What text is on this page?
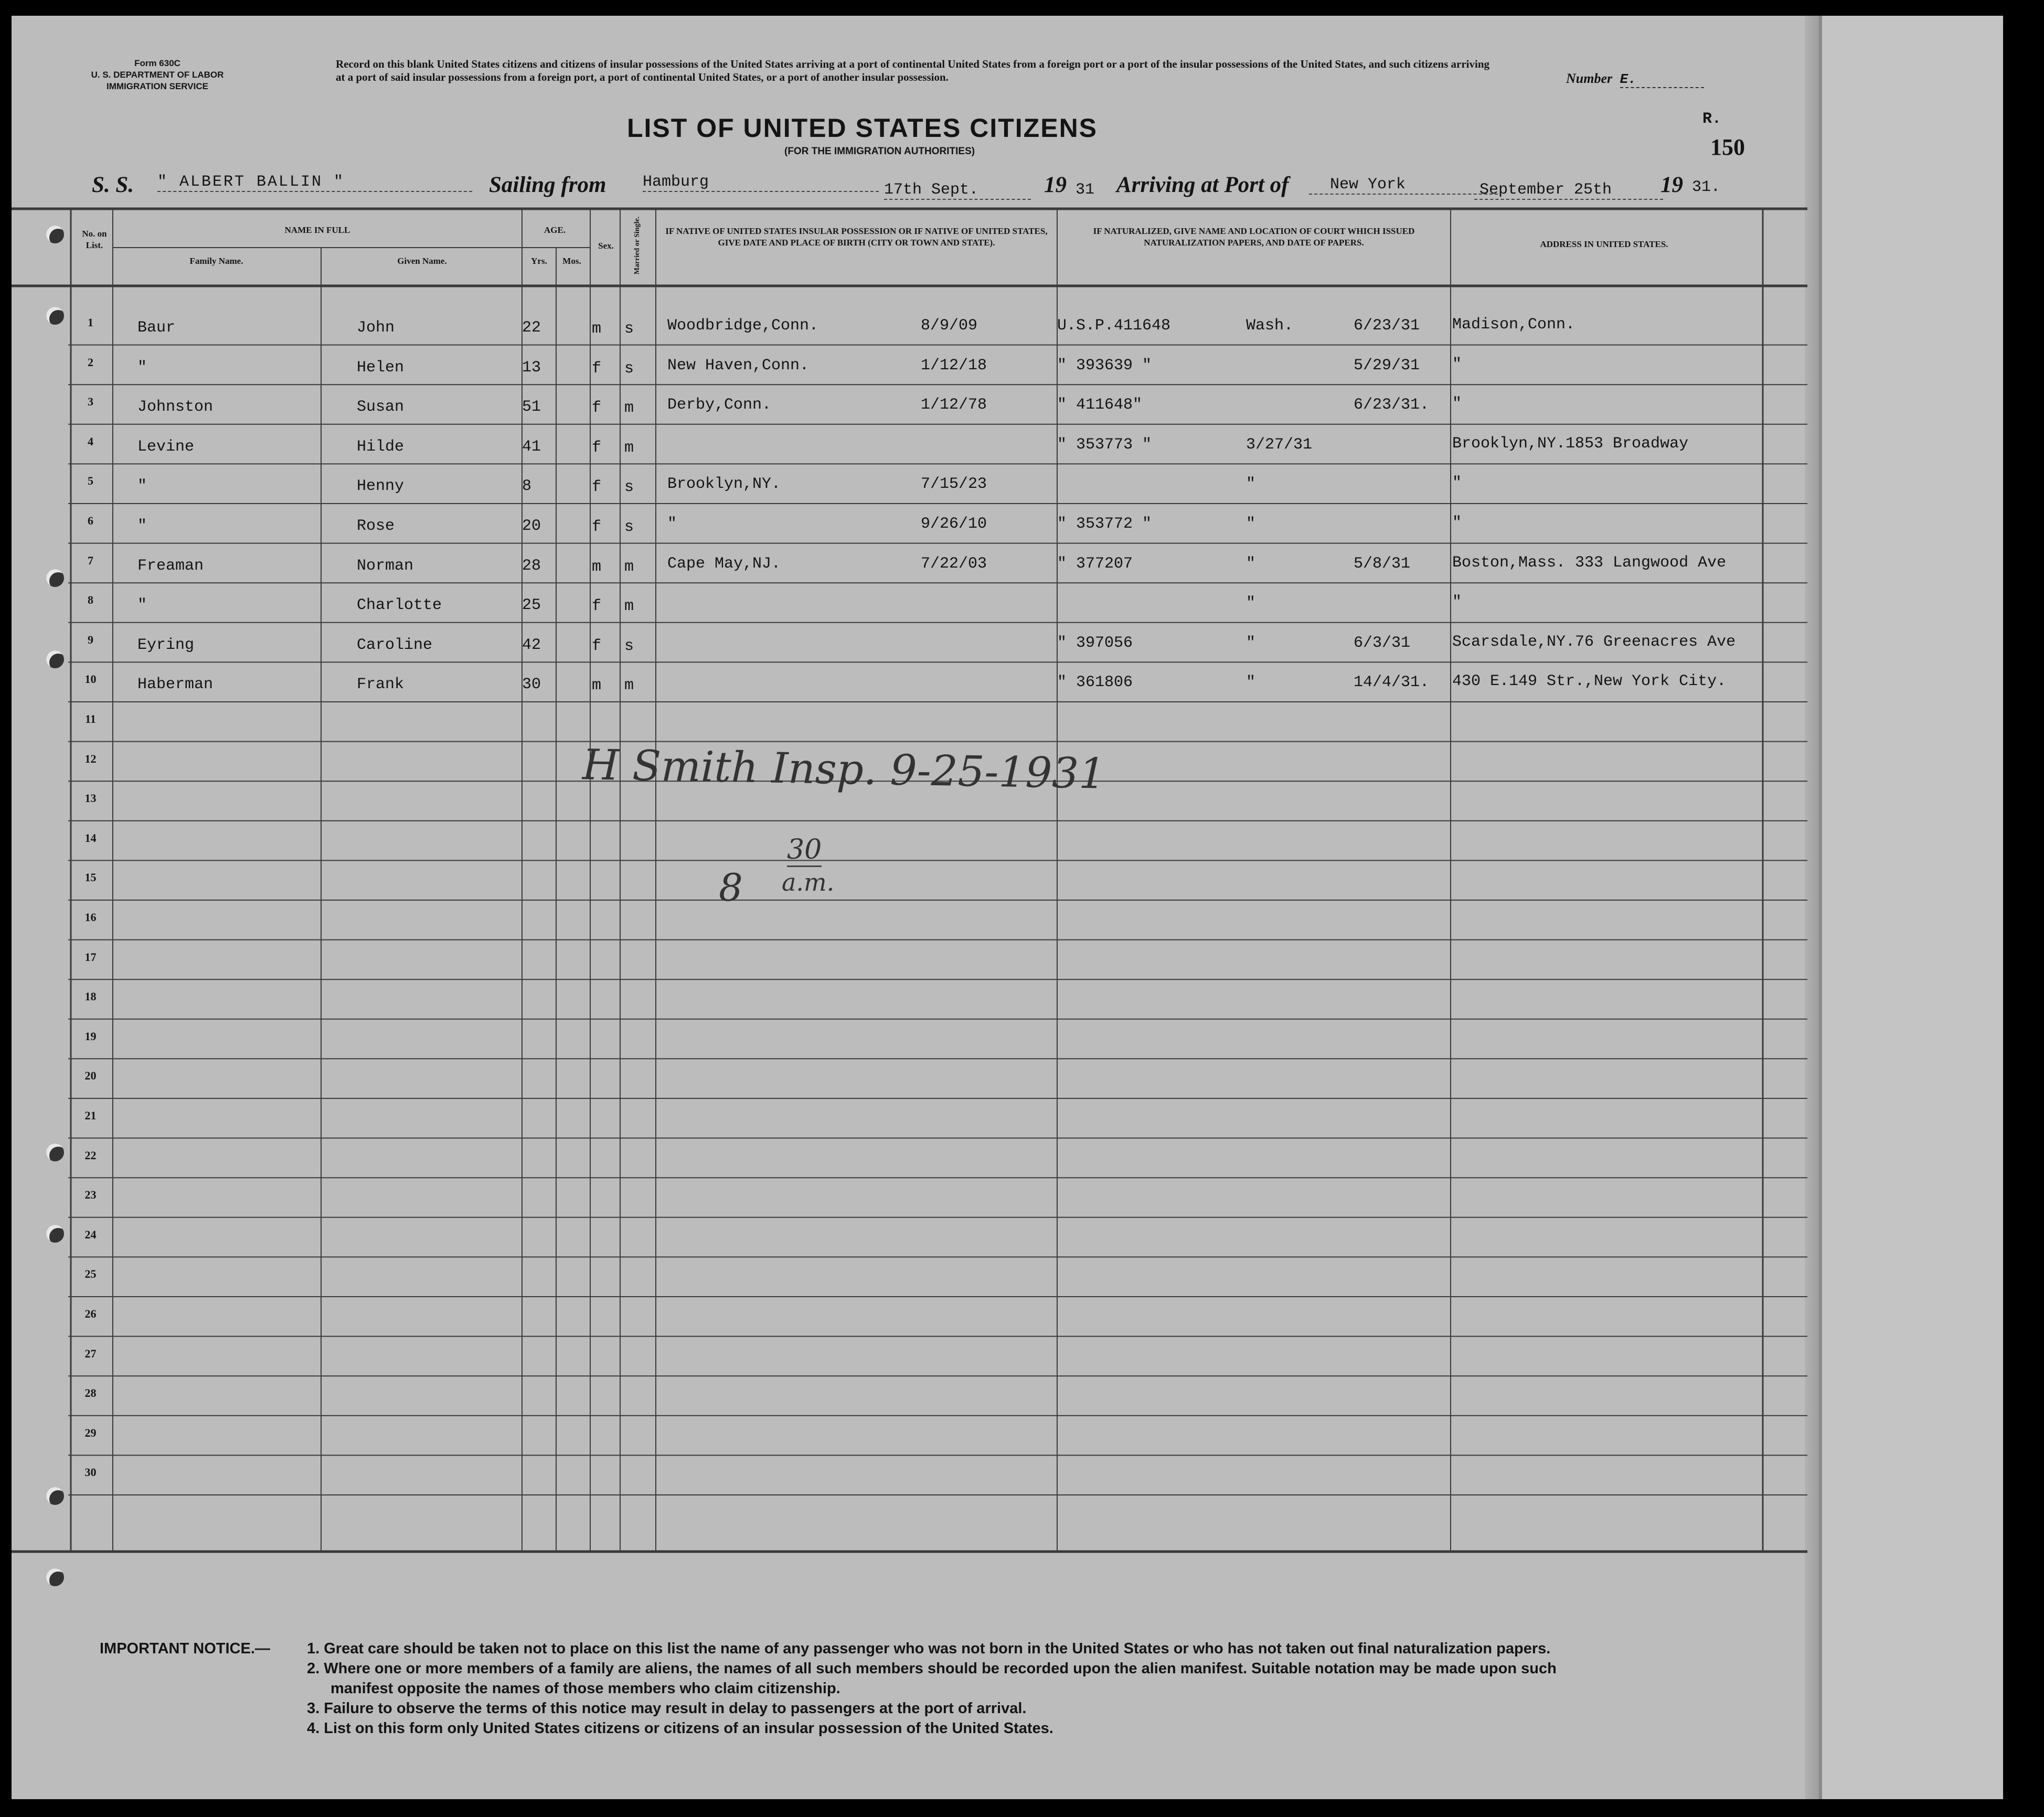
Form 630C
U. S. DEPARTMENT OF LABOR
IMMIGRATION SERVICE
Record on this blank United States citizens and citizens of insular possessions of the United States arriving at a port of continental United States from a foreign port or a port of the insular possessions of the United States, and such citizens arriving at a port of said insular possessions from a foreign port, a port of continental United States, or a port of another insular possession.	Number E.
R.
150
LIST OF UNITED STATES CITIZENS
(FOR THE IMMIGRATION AUTHORITIES)
S. S. " ALBERT BALLIN "	Sailing from Hamburg	17th Sept.	19 31 Arriving at Port of	New York	September 25th	19 31.
No. on List.
NAME IN FULL
Family Name.	Given Name.
AGE.
Yrs.	Mos.
Sex.	Married or Single.	IF NATIVE OF UNITED STATES INSULAR POSSESSION OR IF NATIVE OF UNITED STATES, GIVE DATE AND PLACE OF BIRTH (CITY OR TOWN AND STATE).
IF NATURALIZED, GIVE NAME AND LOCATION OF COURT WHICH ISSUED NATURALIZATION PAPERS, AND DATE OF PAPERS.	ADDRESS IN UNITED STATES.
1	Baur	John	22	m s Woodbridge,Conn.	8/9/09	U.S.P.411648	Wash.	6/23/31 Madison,Conn.
2	"	Helen	13	f s New Haven,Conn.	1/12/18	" 393639 "	5/29/31 "
3	Johnston	Susan	51	f m Derby,Conn.	1/12/78	" 411648"	6/23/31. "
4	Levine	Hilde	41	f m	" 353773 "	3/27/31	Brooklyn,NY.1853 Broadway
5	"	Henny	8	f s Brooklyn,NY.	7/15/23	"	"
6	"	Rose	20	f s "	9/26/10	" 353772 "	"	"
7	Freaman	Norman	28	m m Cape May,NJ.	7/22/03	" 377207	"	5/8/31	Boston,Mass. 333 Langwood Ave
8	"	Charlotte	25	f m	"	"
9	Eyring	Caroline	42	f s	" 397056	"	6/3/31	Scarsdale,NY.76 Greenacres Ave
10	Haberman	Frank	30	m m	" 361806	"	14/4/31. 430 E.149 Str.,New York City.
11
12
13
14
15
16
17
18
19
20
21
22
23
24
25
26
27
28
29
30
H Smith Insp. 9-25-1931
8
30
a.m.
IMPORTANT NOTICE.— 1. Great care should be taken not to place on this list the name of any passenger who was not born in the United States or who has not taken out final naturalization papers.
2. Where one or more members of a family are aliens, the names of all such members should be recorded upon the alien manifest. Suitable notation may be made upon such
manifest opposite the names of those members who claim citizenship.
3. Failure to observe the terms of this notice may result in delay to passengers at the port of arrival.
4. List on this form only United States citizens or citizens of an insular possession of the United States.
